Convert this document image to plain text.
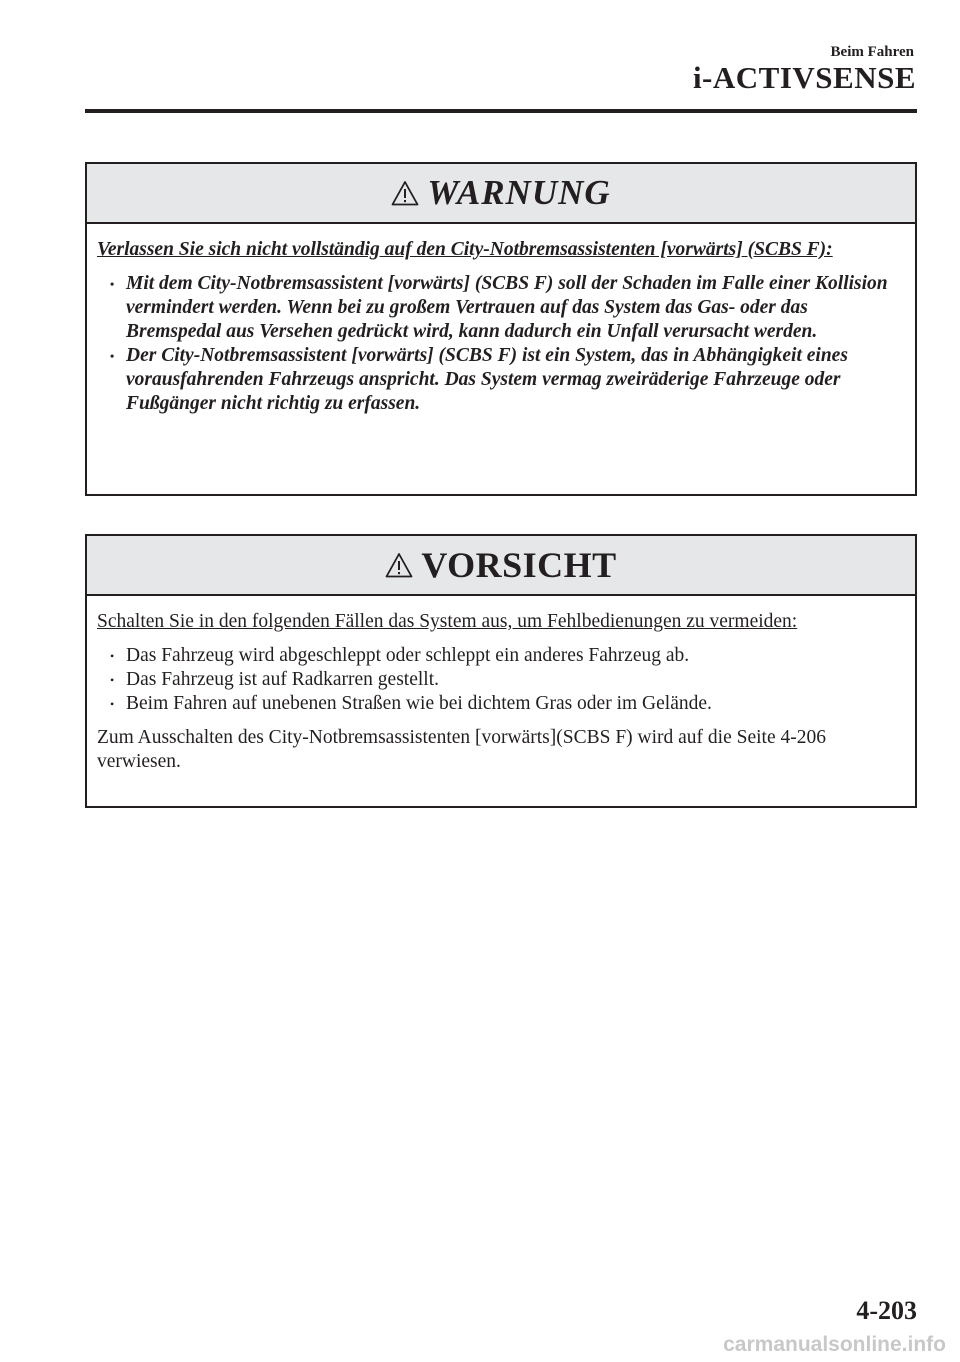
Beim Fahren
i-ACTIVSENSE
WARNUNG

Verlassen Sie sich nicht vollständig auf den City-Notbremsassistenten [vorwärts] (SCBS F):

• Mit dem City-Notbremsassistent [vorwärts] (SCBS F) soll der Schaden im Falle einer Kollision vermindert werden. Wenn bei zu großem Vertrauen auf das System das Gas- oder das Bremspedal aus Versehen gedrückt wird, kann dadurch ein Unfall verursacht werden.
• Der City-Notbremsassistent [vorwärts] (SCBS F) ist ein System, das in Abhängigkeit eines vorausfahrenden Fahrzeugs anspricht. Das System vermag zweiräderige Fahrzeuge oder Fußgänger nicht richtig zu erfassen.
VORSICHT

Schalten Sie in den folgenden Fällen das System aus, um Fehlbedienungen zu vermeiden:

• Das Fahrzeug wird abgeschleppt oder schleppt ein anderes Fahrzeug ab.
• Das Fahrzeug ist auf Radkarren gestellt.
• Beim Fahren auf unebenen Straßen wie bei dichtem Gras oder im Gelände.

Zum Ausschalten des City-Notbremsassistenten [vorwärts](SCBS F) wird auf die Seite 4-206 verwiesen.

4-203
carmanualsonline.info
